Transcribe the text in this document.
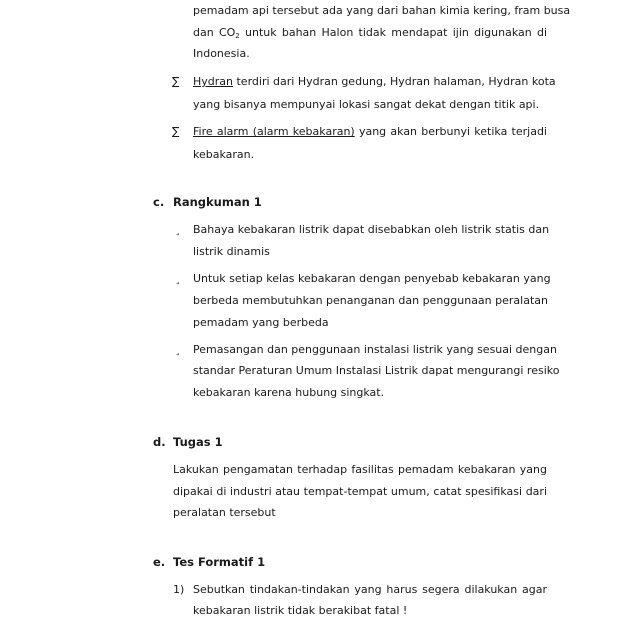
pemadam api tersebut ada yang dari bahan kimia kering, fram busa
dan $CO_2$ untuk bahan Halon tidak mendapat ijin digunakan di
Indonesia.
∑ Hydran terdiri dari Hydran gedung, Hydran halaman, Hydran kota
yang bisanya mempunyai lokasi sangat dekat dengan titik api.
∑ Fire alarm (alarm kebakaran) yang akan berbunyi ketika terjadi
kebakaran.
c. Rangkuman 1
¸ Bahaya kebakaran listrik dapat disebabkan oleh listrik statis dan
listrik dinamis
¸ Untuk setiap kelas kebakaran dengan penyebab kebakaran yang
berbeda membutuhkan penanganan dan penggunaan peralatan
pemadam yang berbeda
¸ Pemasangan dan penggunaan instalasi listrik yang sesuai dengan
standar Peraturan Umum Instalasi Listrik dapat mengurangi resiko
kebakaran karena hubung singkat.
d. Tugas 1
Lakukan pengamatan terhadap fasilitas pemadam kebakaran yang
dipakai di industri atau tempat-tempat umum, catat spesifikasi dari
peralatan tersebut
e. Tes Formatif 1
1) Sebutkan tindakan-tindakan yang harus segera dilakukan agar
kebakaran listrik tidak berakibat fatal !
